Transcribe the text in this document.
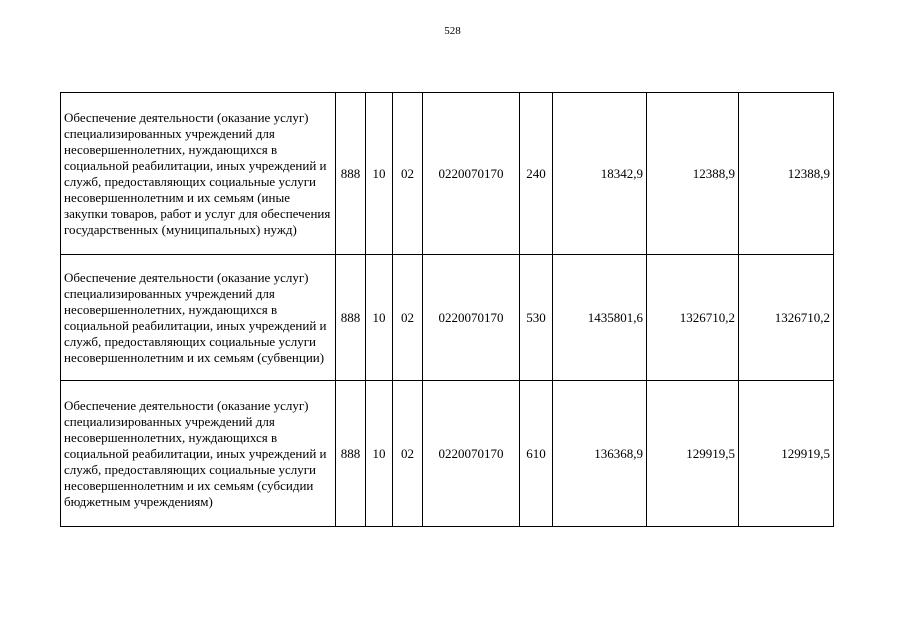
528
Обеспечение деятельности (оказание услуг) специализированных учреждений для несовершеннолетних, нуждающихся в социальной реабилитации, иных учреждений и служб, предоставляющих социальные услуги несовершеннолетним и их семьям (иные закупки товаров, работ и услуг для обеспечения государственных (муниципальных) нужд)	888	10	02	0220070170	240	18342,9	12388,9	12388,9
Обеспечение деятельности (оказание услуг) специализированных учреждений для несовершеннолетних, нуждающихся в социальной реабилитации, иных учреждений и служб, предоставляющих социальные услуги несовершеннолетним и их семьям (субвенции)	888	10	02	0220070170	530	1435801,6	1326710,2	1326710,2
Обеспечение деятельности (оказание услуг) специализированных учреждений для несовершеннолетних, нуждающихся в социальной реабилитации, иных учреждений и служб, предоставляющих социальные услуги несовершеннолетним и их семьям (субсидии бюджетным учреждениям)	888	10	02	0220070170	610	136368,9	129919,5	129919,5
